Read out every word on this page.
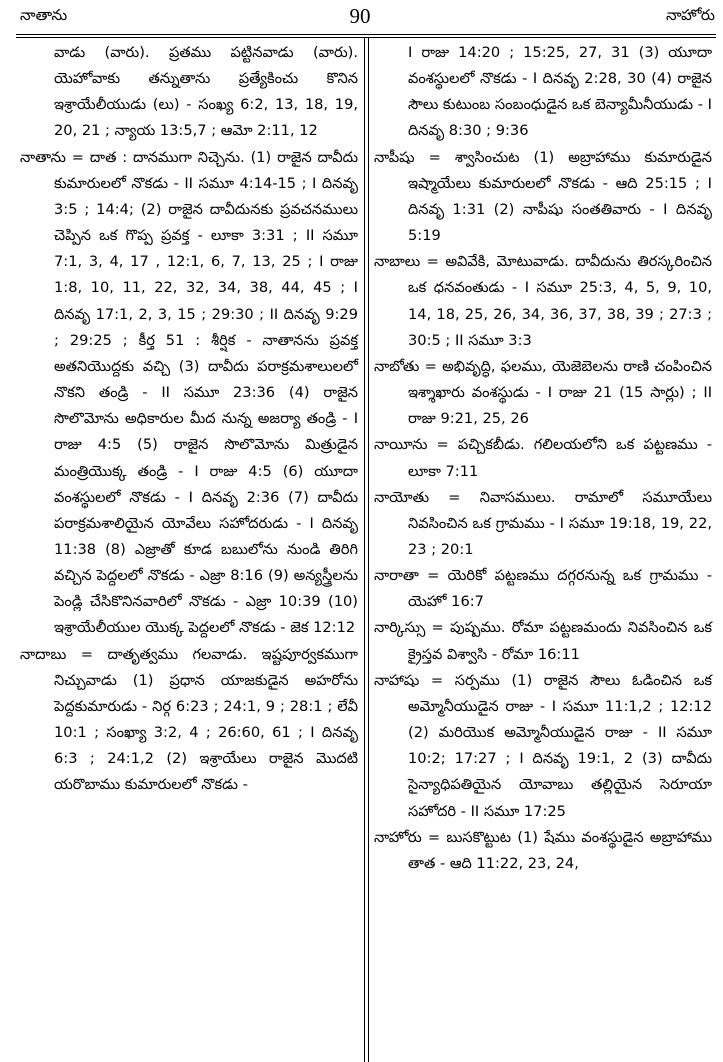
నాతాను	90	నాహోరు

వాడు (వారు). ప్రతము పట్టినవాడు (వారు). యెహోవాకు తన్నుతాను ప్రత్యేకించు కొనిన ఇశ్రాయేలీయుడు (లు) - సంఖ్య 6:2, 13, 18, 19, 20, 21 ; న్యాయ 13:5,7 ; ఆమో 2:11, 12

నాతాను = దాత : దానముగా నిచ్చెను. (1) రాజైన దావీదు కుమారులలో నొకడు - II సమూ 4:14-15 ; I దినవృ 3:5 ; 14:4; (2) రాజైన దావీదునకు ప్రవచనములు చెప్పిన ఒక గొప్ప ప్రవక్త - లూకా 3:31 ; II సమూ 7:1, 3, 4, 17 , 12:1, 6, 7, 13, 25 ; I రాజు 1:8, 10, 11, 22, 32, 34, 38, 44, 45 ; I దినవృ 17:1, 2, 3, 15 ; 29:30 ; II దినవృ 9:29 ; 29:25 ; కీర్త 51 : శీర్షిక - నాతానను ప్రవక్త అతనియొద్దకు వచ్చి (3) దావీదు పరాక్రమశాలులలో నొకని తండ్రి - II సమూ 23:36 (4) రాజైన సొలొమోను అధికారుల మీద నున్న అజర్యా తండ్రి - I రాజు 4:5 (5) రాజైన సొలొమోను మిత్రుడైన మంత్రియొక్క తండ్రి - I రాజు 4:5 (6) యూదా వంశస్థులలో నొకడు - I దినవృ 2:36 (7) దావీదు పరాక్రమశాలియైన యోవేలు సహోదరుడు - I దినవృ 11:38 (8) ఎజ్రాతో కూడ బబులోను నుండి తిరిగి వచ్చిన పెద్దలలో నొకడు - ఎజ్రా 8:16 (9) అన్యస్త్రీలను పెండ్లి చేసికొనినవారిలో నొకడు - ఎజ్రా 10:39 (10) ఇశ్రాయేలీయుల యొక్క పెద్దలలో నొకడు - జెక 12:12

నాదాబు = దాతృత్వము గలవాడు. ఇష్టపూర్వకముగా నిచ్చువాడు (1) ప్రధాన యాజకుడైన అహరోను పెద్దకుమారుడు - నిర్గ 6:23 ; 24:1, 9 ; 28:1 ; లేవీ 10:1 ; సంఖ్యా 3:2, 4 ; 26:60, 61 ; I దినవృ 6:3 ; 24:1,2 (2) ఇశ్రాయేలు రాజైన మొదటి యరొబాము కుమారులలో నొకడు -

I రాజు 14:20 ; 15:25, 27, 31 (3) యూదా వంశస్థులలో నొకడు - I దినవృ 2:28, 30 (4) రాజైన సౌలు కుటుంబ సంబంధుడైన ఒక బెన్యామీనీయుడు - I దినవృ 8:30 ; 9:36

నాపీషు = శ్వాసించుట (1) అబ్రాహాము కుమారుడైన ఇష్మాయేలు కుమారులలో నొకడు - ఆది 25:15 ; I దినవృ 1:31 (2) నాపీషు సంతతివారు - I దినవృ 5:19

నాబాలు = అవివేకి, మోటువాడు. దావీదును తిరస్కరించిన ఒక ధనవంతుడు - I సమూ 25:3, 4, 5, 9, 10, 14, 18, 25, 26, 34, 36, 37, 38, 39 ; 27:3 ; 30:5 ; II సమూ 3:3

నాబోతు = అభివృద్ధి, ఫలము, యెజెబెలను రాణి చంపించిన ఇశ్శాఖారు వంశస్థుడు - I రాజు 21 (15 సార్లు) ; II రాజు 9:21, 25, 26

నాయీను = పచ్చికబీడు. గలిలయలోని ఒక పట్టణము - లూకా 7:11

నాయోతు = నివాసములు. రామాలో సమూయేలు నివసించిన ఒక గ్రామము - I సమూ 19:18, 19, 22, 23 ; 20:1

నారాతా = యెరికో పట్టణము దగ్గరనున్న ఒక గ్రామము - యెహో 16:7

నార్కిస్సు = పుష్పము. రోమా పట్టణమందు నివసించిన ఒక క్రైస్తవ విశ్వాసి - రోమా 16:11

నాహాషు = సర్పము (1) రాజైన సౌలు ఓడించిన ఒక అమ్మోనీయుడైన రాజు - I సమూ 11:1,2 ; 12:12 (2) మరియొక అమ్మోనీయుడైన రాజు - II సమూ 10:2; 17:27 ; I దినవృ 19:1, 2 (3) దావీదు సైన్యాధిపతియైన యోవాబు తల్లియైన సెరూయా సహోదరి - II సమూ 17:25

నాహోరు = బుసకొట్టుట (1) షేము వంశస్థుడైన అబ్రాహాము తాత - ఆది 11:22, 23, 24,
